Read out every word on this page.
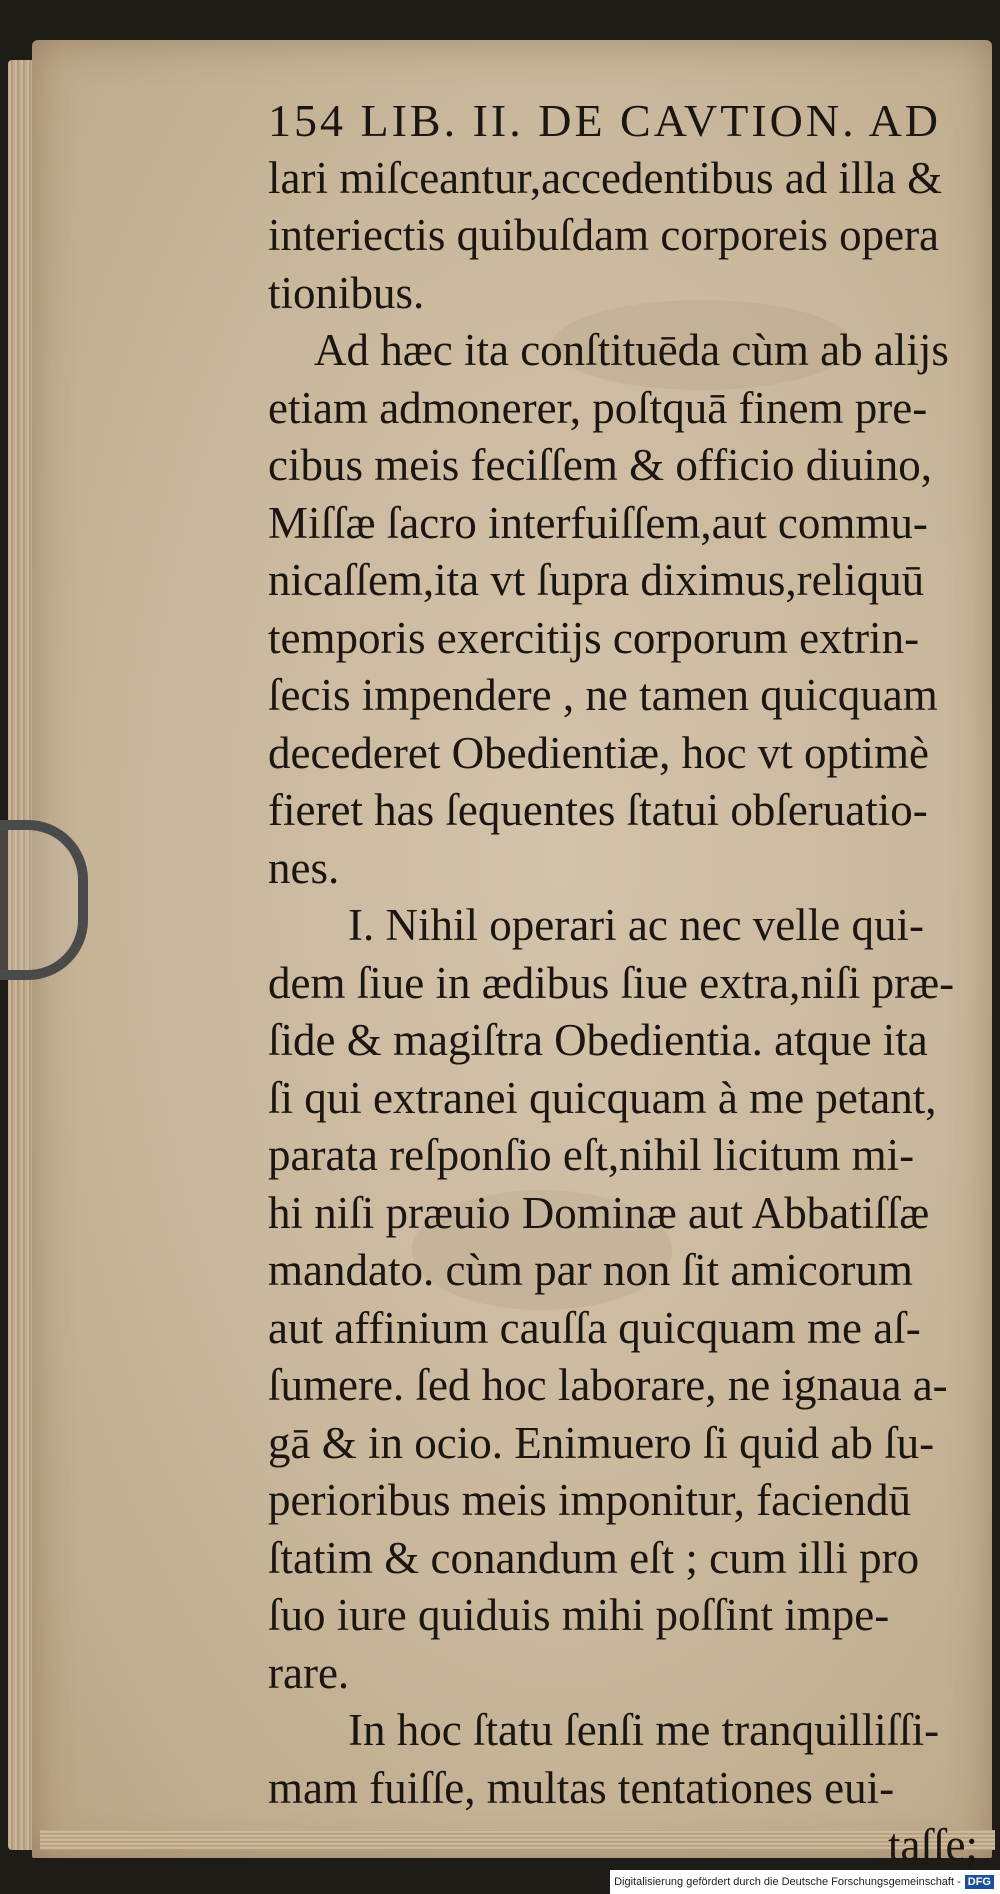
154 LIB. II. DE CAVTION. AD
lari miſceantur,accedentibus ad illa &
interiectis quibuſdam corporeis opera
tionibus.
Ad hæc ita conſtituēda cùm ab alijs
etiam admonerer, poſtquā finem pre-
cibus meis feciſſem & officio diuino,
Miſſæ ſacro interfuiſſem,aut commu-
nicaſſem,ita vt ſupra diximus,reliquū
temporis exercitijs corporum extrin-
ſecis impendere , ne tamen quicquam
decederet Obedientiæ, hoc vt optimè
fieret has ſequentes ſtatui obſeruatio-
nes.
I. Nihil operari ac nec velle qui-
dem ſiue in ædibus ſiue extra,niſi præ-
ſide & magiſtra Obedientia. atque ita
ſi qui extranei quicquam à me petant,
parata reſponſio eſt,nihil licitum mi-
hi niſi præuio Dominæ aut Abbatiſſæ
mandato. cùm par non ſit amicorum
aut affinium cauſſa quicquam me aſ-
ſumere. ſed hoc laborare, ne ignaua a-
gā & in ocio. Enimuero ſi quid ab ſu-
perioribus meis imponitur, faciendū
ſtatim & conandum eſt ; cum illi pro
ſuo iure quiduis mihi poſſint impe-
rare.
In hoc ſtatu ſenſi me tranquilliſſi-
mam fuiſſe, multas tentationes eui-
taſſe;
Digitalisierung gefördert durch die Deutsche Forschungsgemeinschaft - DFG
